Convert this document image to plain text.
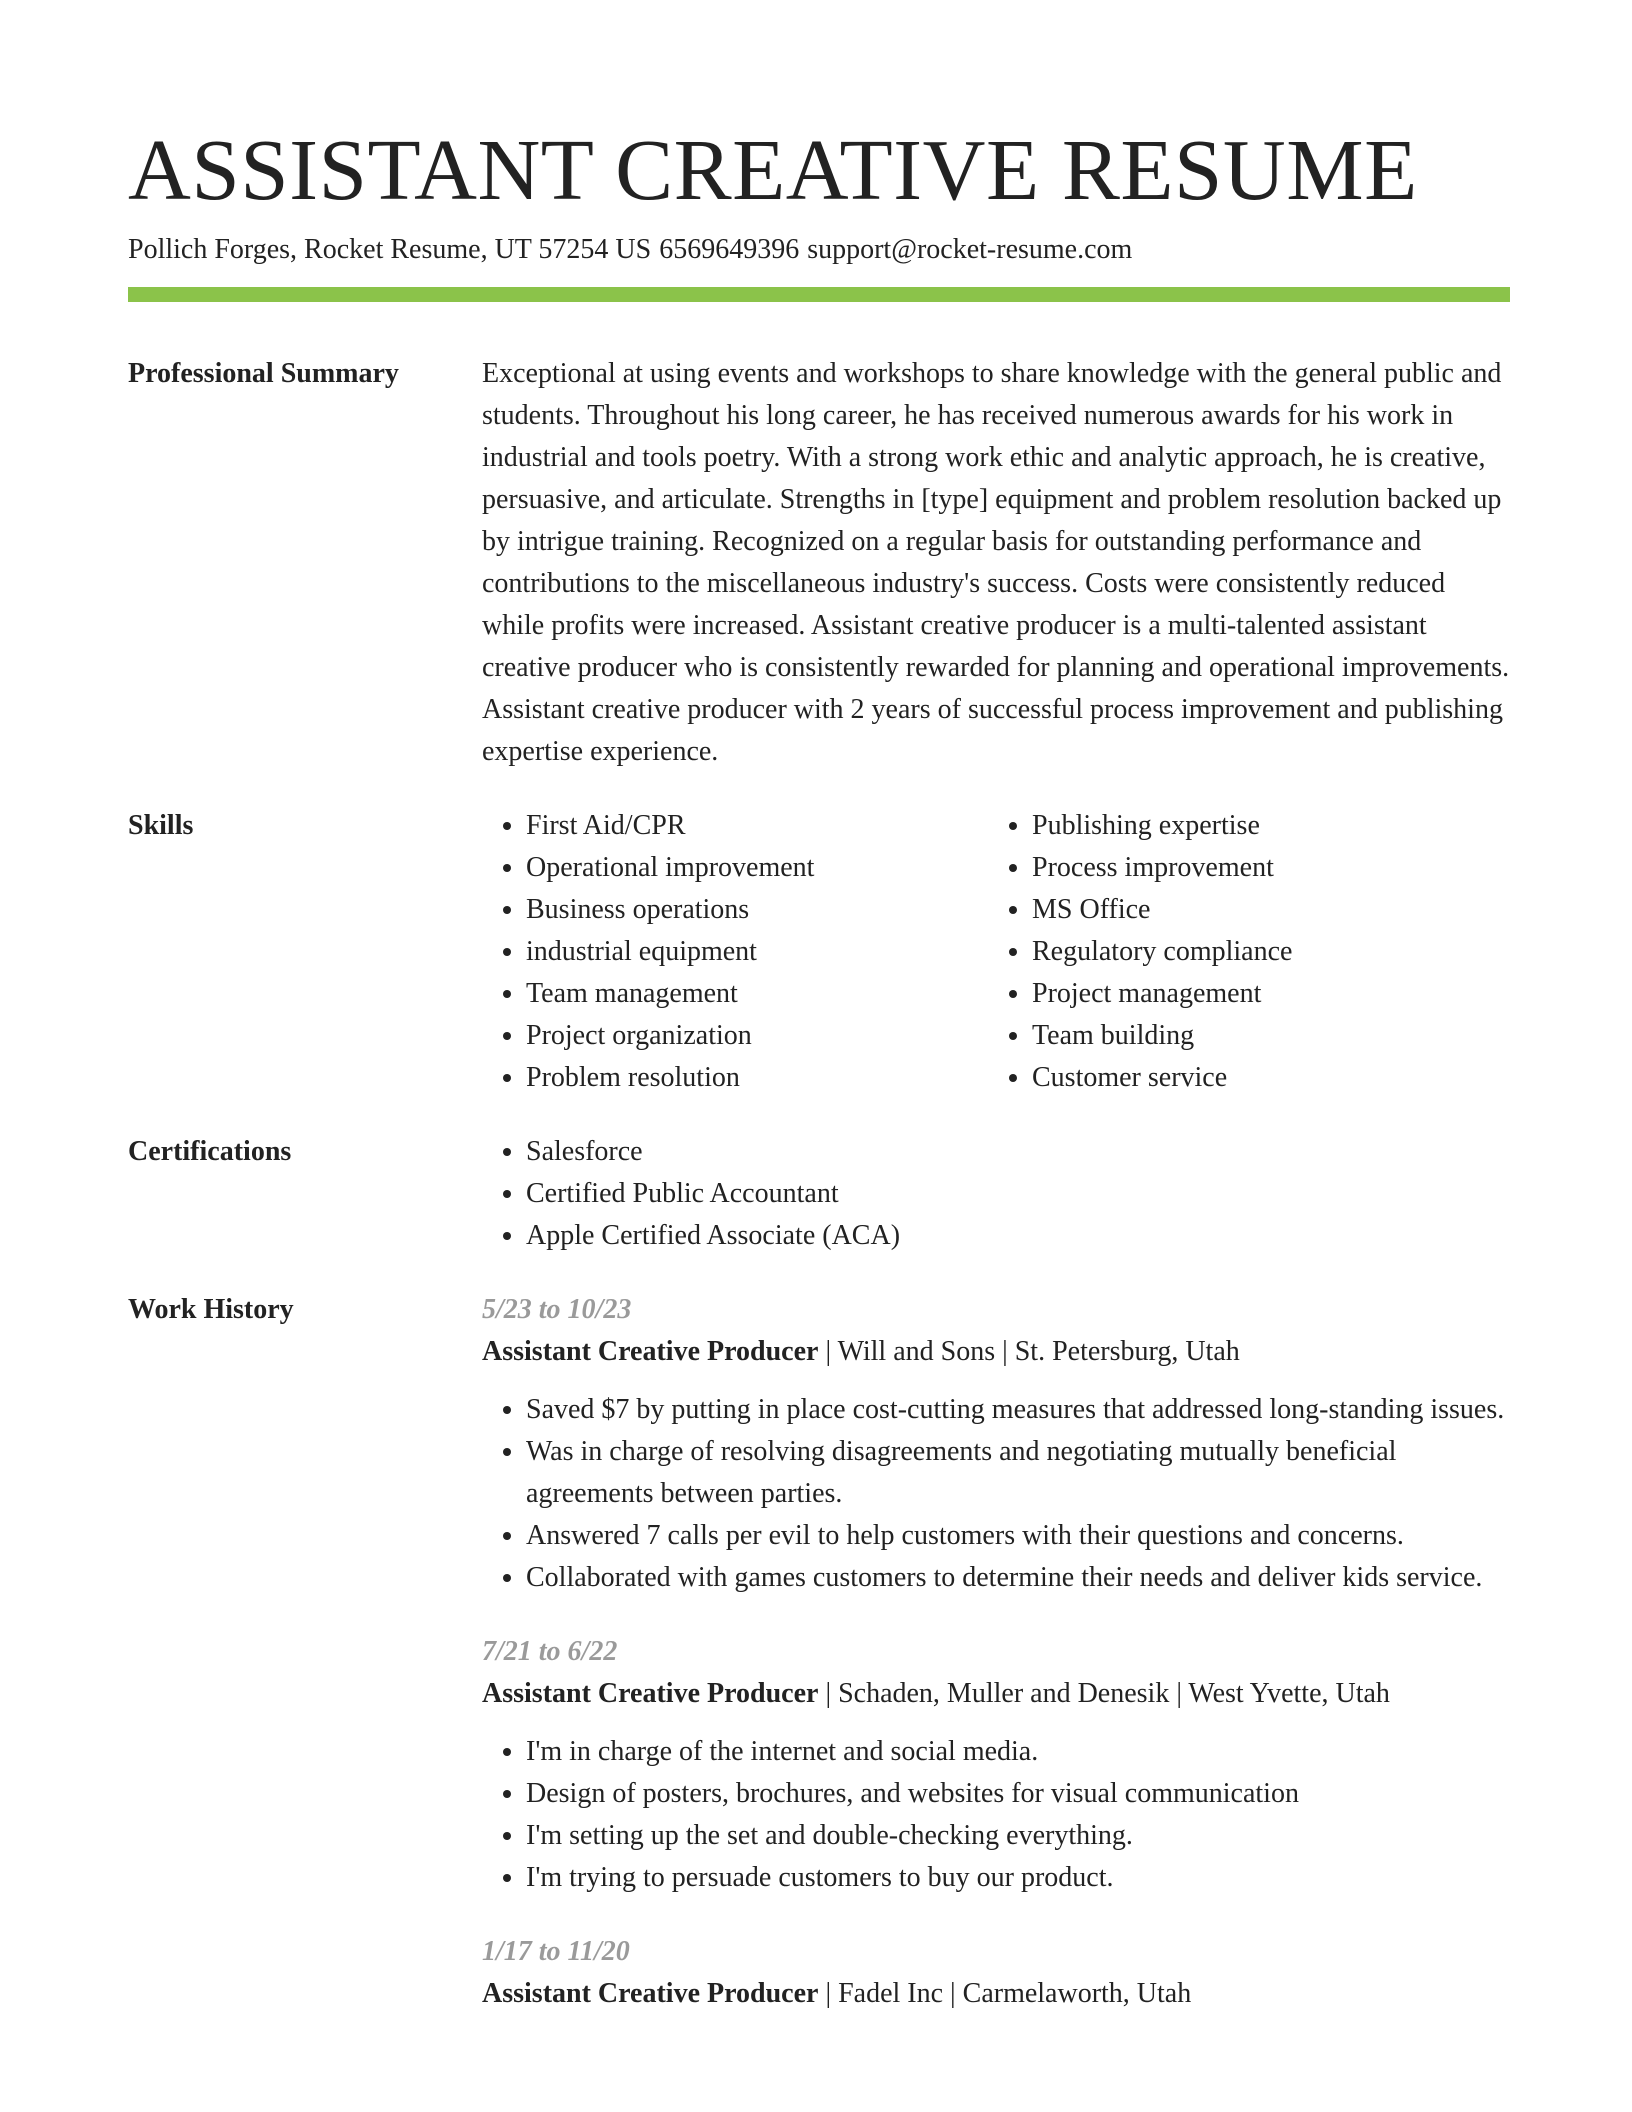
ASSISTANT CREATIVE RESUME
Pollich Forges, Rocket Resume, UT 57254 US 6569649396 support@rocket-resume.com
Professional Summary	Exceptional at using events and workshops to share knowledge with the general public and students. Throughout his long career, he has received numerous awards for his work in industrial and tools poetry. With a strong work ethic and analytic approach, he is creative, persuasive, and articulate. Strengths in [type] equipment and problem resolution backed up by intrigue training. Recognized on a regular basis for outstanding performance and contributions to the miscellaneous industry's success. Costs were consistently reduced while profits were increased. Assistant creative producer is a multi-talented assistant creative producer who is consistently rewarded for planning and operational improvements. Assistant creative producer with 2 years of successful process improvement and publishing expertise experience.

Skills	• First Aid/CPR
• Operational improvement
• Business operations
• industrial equipment
• Team management
• Project organization
• Problem resolution
• Publishing expertise
• Process improvement
• MS Office
• Regulatory compliance
• Project management
• Team building
• Customer service
Certifications	• Salesforce
• Certified Public Accountant
• Apple Certified Associate (ACA)
Work History	5/23 to 10/23
Assistant Creative Producer | Will and Sons | St. Petersburg, Utah
• Saved $7 by putting in place cost-cutting measures that addressed long-standing issues.
• Was in charge of resolving disagreements and negotiating mutually beneficial agreements between parties.
• Answered 7 calls per evil to help customers with their questions and concerns.
• Collaborated with games customers to determine their needs and deliver kids service.
7/21 to 6/22
Assistant Creative Producer | Schaden, Muller and Denesik | West Yvette, Utah
• I'm in charge of the internet and social media.
• Design of posters, brochures, and websites for visual communication
• I'm setting up the set and double-checking everything.
• I'm trying to persuade customers to buy our product.
1/17 to 11/20
Assistant Creative Producer | Fadel Inc | Carmelaworth, Utah
